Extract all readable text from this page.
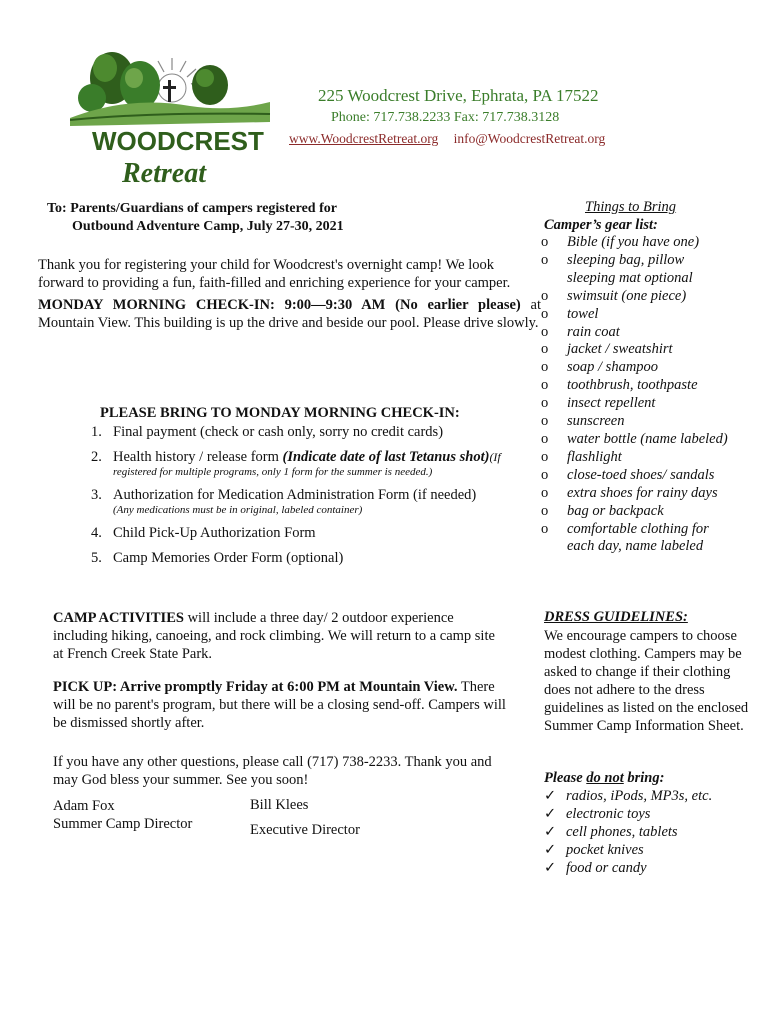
WOODCREST
Retreat
225 Woodcrest Drive, Ephrata, PA 17522
Phone: 717.738.2233 Fax: 717.738.3128
www.WoodcrestRetreat.org info@WoodcrestRetreat.org
To: Parents/Guardians of campers registered for
Outbound Adventure Camp, July 27-30, 2021
Thank you for registering your child for Woodcrest's overnight camp! We look forward to providing a fun, faith-filled and enriching experience for your camper.
MONDAY MORNING CHECK-IN: 9:00—9:30 AM (No earlier please) at Mountain View. This building is up the drive and beside our pool. Please drive slowly.
PLEASE BRING TO MONDAY MORNING CHECK-IN:
1. Final payment (check or cash only, sorry no credit cards)
2. Health history / release form (Indicate date of last Tetanus shot)(If
registered for multiple programs, only 1 form for the summer is needed.)
3. Authorization for Medication Administration Form (if needed)
(Any medications must be in original, labeled container)
4. Child Pick-Up Authorization Form
5. Camp Memories Order Form (optional)
Things to Bring
Camper’s gear list:
o	Bible (if you have one)
o	sleeping bag, pillow
sleeping mat optional
o	swimsuit (one piece)
o	towel
o	rain coat
o	jacket / sweatshirt
o	soap / shampoo
o	toothbrush, toothpaste
o	insect repellent
o	sunscreen
o	water bottle (name labeled)
o	flashlight
o	close-toed shoes/ sandals
o	extra shoes for rainy days
o	bag or backpack
o	comfortable clothing for
each day, name labeled
CAMP ACTIVITIES will include a three day/ 2 outdoor experience including hiking, canoeing, and rock climbing. We will return to a camp site at French Creek State Park.
PICK UP: Arrive promptly Friday at 6:00 PM at Mountain View. There will be no parent's program, but there will be a closing send-off. Campers will be dismissed shortly after.
If you have any other questions, please call (717) 738-2233. Thank you and may God bless your summer. See you soon!
Adam Fox
Summer Camp Director
Bill Klees
Executive Director
DRESS GUIDELINES:
We encourage campers to choose modest clothing. Campers may be asked to change if their clothing does not adhere to the dress guidelines as listed on the enclosed Summer Camp Information Sheet.
Please do not bring:
✓ radios, iPods, MP3s, etc.
✓ electronic toys
✓ cell phones, tablets
✓ pocket knives
✓ food or candy
